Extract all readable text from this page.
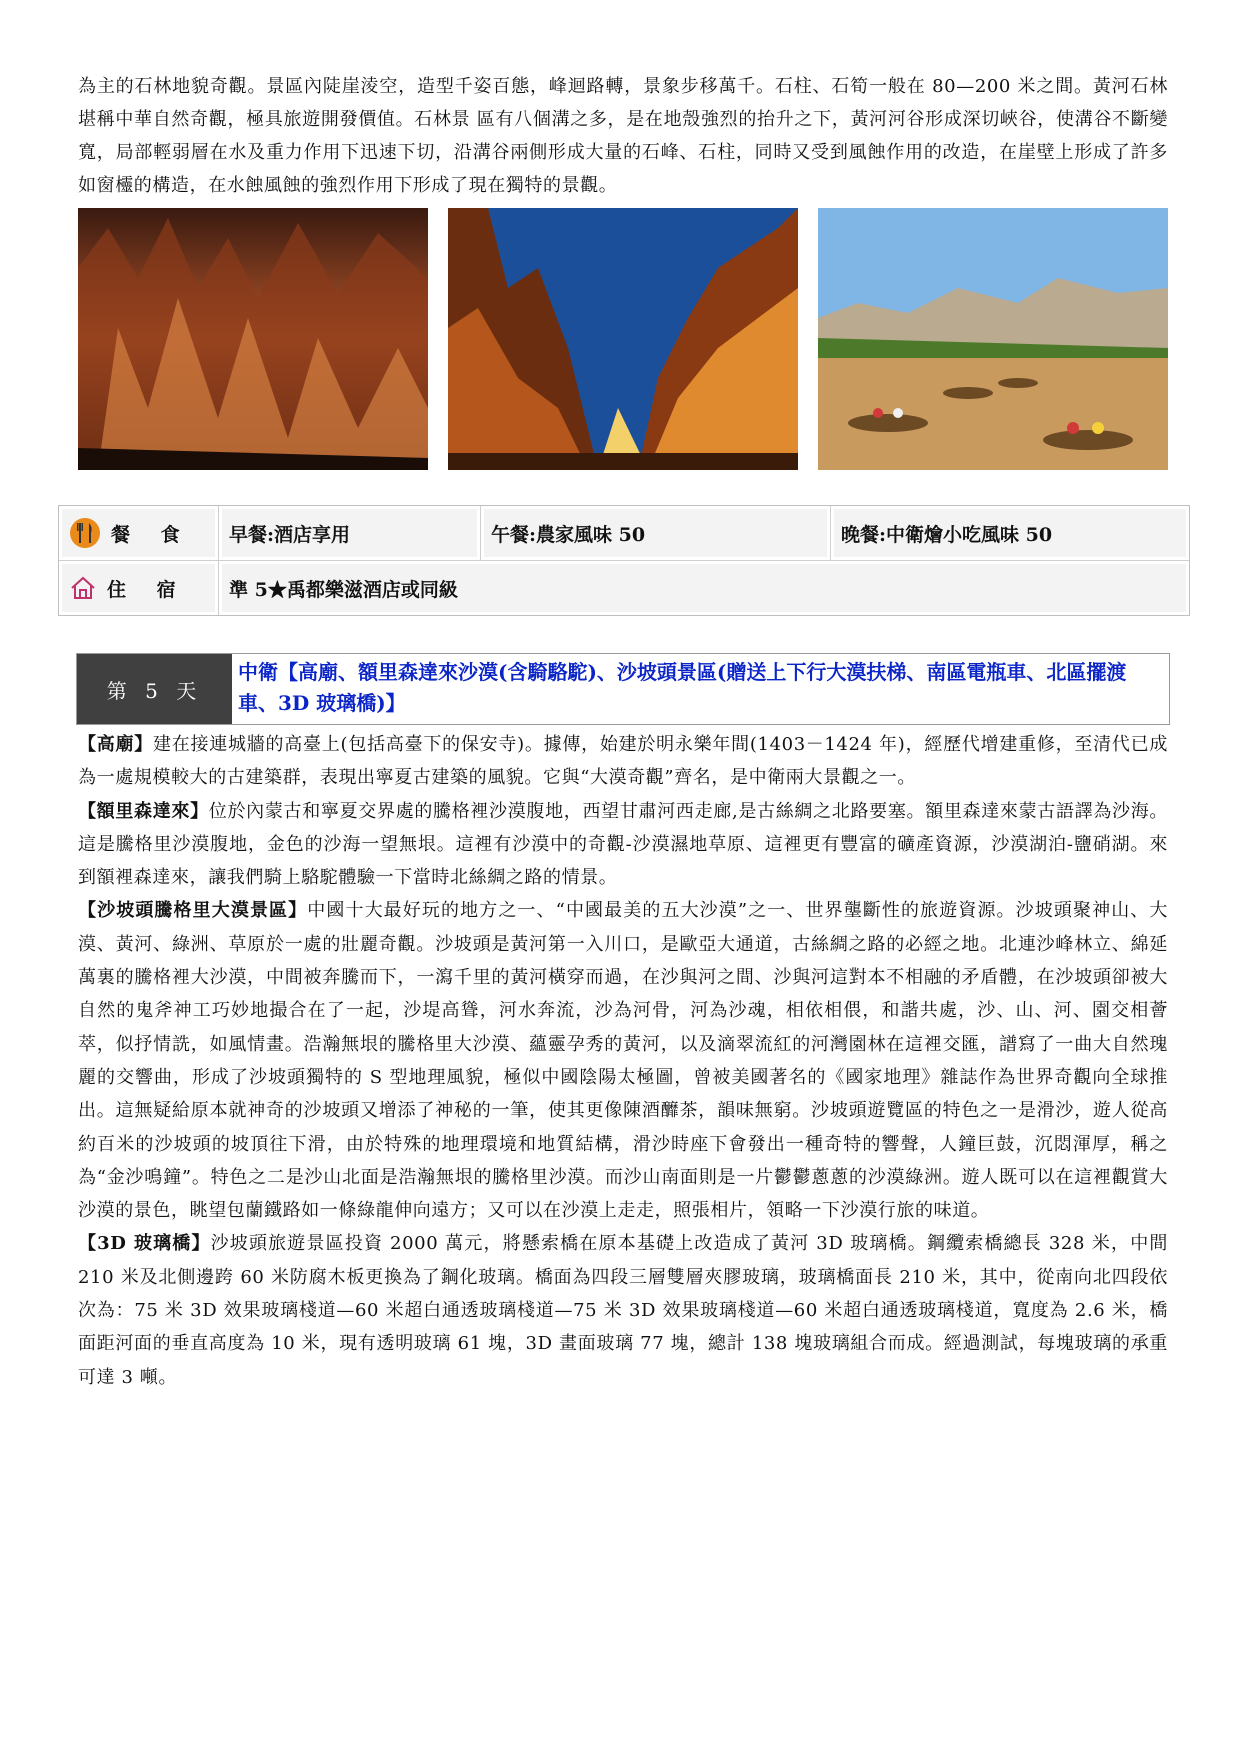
為主的石林地貌奇觀。景區內陡崖淩空，造型千姿百態，峰迴路轉，景象步移萬千。石柱、石筍一般在 80—200 米之間。黃河石林堪稱中華自然奇觀，極具旅遊開發價值。石林景 區有八個溝之多，是在地殼強烈的抬升之下，黃河河谷形成深切峽谷，使溝谷不斷變寬，局部輕弱層在水及重力作用下迅速下切，沿溝谷兩側形成大量的石峰、石柱，同時又受到風蝕作用的改造，在崖壁上形成了許多如窗欞的構造，在水蝕風蝕的強烈作用下形成了現在獨特的景觀。

餐 食	早餐:酒店享用	午餐:農家風味 50	晚餐:中衛燴小吃風味 50
住 宿	準 5★禹都樂滋酒店或同級
第 5 天
中衛【高廟、額里森達來沙漠(含騎駱駝)、沙坡頭景區(贈送上下行大漠扶梯、南區電瓶車、北區擺渡車、3D 玻璃橋)】

【高廟】建在接連城牆的高臺上(包括高臺下的保安寺)。據傳，始建於明永樂年間(1403－1424 年)，經歷代增建重修，至清代已成為一處規模較大的古建築群，表現出寧夏古建築的風貌。它與“大漠奇觀”齊名，是中衛兩大景觀之一。

【額里森達來】位於內蒙古和寧夏交界處的騰格裡沙漠腹地，西望甘肅河西走廊,是古絲綢之北路要塞。額里森達來蒙古語譯為沙海。這是騰格里沙漠腹地，金色的沙海一望無垠。這裡有沙漠中的奇觀-沙漠濕地草原、這裡更有豐富的礦產資源，沙漠湖泊-鹽硝湖。來到額裡森達來，讓我們騎上駱駝體驗一下當時北絲綢之路的情景。

【沙坡頭騰格里大漠景區】中國十大最好玩的地方之一、“中國最美的五大沙漠”之一、世界壟斷性的旅遊資源。沙坡頭聚神山、大漠、黃河、綠洲、草原於一處的壯麗奇觀。沙坡頭是黃河第一入川口，是歐亞大通道，古絲綢之路的必經之地。北連沙峰林立、綿延萬裏的騰格裡大沙漠，中間被奔騰而下，一瀉千里的黃河橫穿而過，在沙與河之間、沙與河這對本不相融的矛盾體，在沙坡頭卻被大自然的鬼斧神工巧妙地撮合在了一起，沙堤高聳，河水奔流，沙為河骨，河為沙魂，相依相偎，和諧共處，沙、山、河、園交相薈萃，似抒情詵，如風情畫。浩瀚無垠的騰格里大沙漠、蘊靈孕秀的黃河，以及滴翠流紅的河灣園林在這裡交匯，譜寫了一曲大自然瑰麗的交響曲，形成了沙坡頭獨特的 S 型地理風貌，極似中國陰陽太極圖，曾被美國著名的《國家地理》雜誌作為世界奇觀向全球推出。這無疑給原本就神奇的沙坡頭又增添了神秘的一筆，使其更像陳酒釄茶，韻味無窮。沙坡頭遊覽區的特色之一是滑沙，遊人從高約百米的沙坡頭的坡頂往下滑，由於特殊的地理環境和地質結構，滑沙時座下會發出一種奇特的響聲，人鐘巨鼓，沉悶渾厚，稱之為“金沙鳴鐘”。特色之二是沙山北面是浩瀚無垠的騰格里沙漠。而沙山南面則是一片鬱鬱蔥蔥的沙漠綠洲。遊人既可以在這裡觀賞大沙漠的景色，眺望包蘭鐵路如一條綠龍伸向遠方；又可以在沙漠上走走，照張相片，領略一下沙漠行旅的味道。

【3D 玻璃橋】沙坡頭旅遊景區投資 2000 萬元，將懸索橋在原本基礎上改造成了黃河 3D 玻璃橋。鋼纜索橋總長 328 米，中間 210 米及北側邊跨 60 米防腐木板更換為了鋼化玻璃。橋面為四段三層雙層夾膠玻璃，玻璃橋面長 210 米，其中，從南向北四段依次為：75 米 3D 效果玻璃棧道—60 米超白通透玻璃棧道—75 米 3D 效果玻璃棧道—60 米超白通透玻璃棧道，寬度為 2.6 米，橋面距河面的垂直高度為 10 米，現有透明玻璃 61 塊，3D 畫面玻璃 77 塊，總計 138 塊玻璃組合而成。經過測試，每塊玻璃的承重可達 3 噸。
